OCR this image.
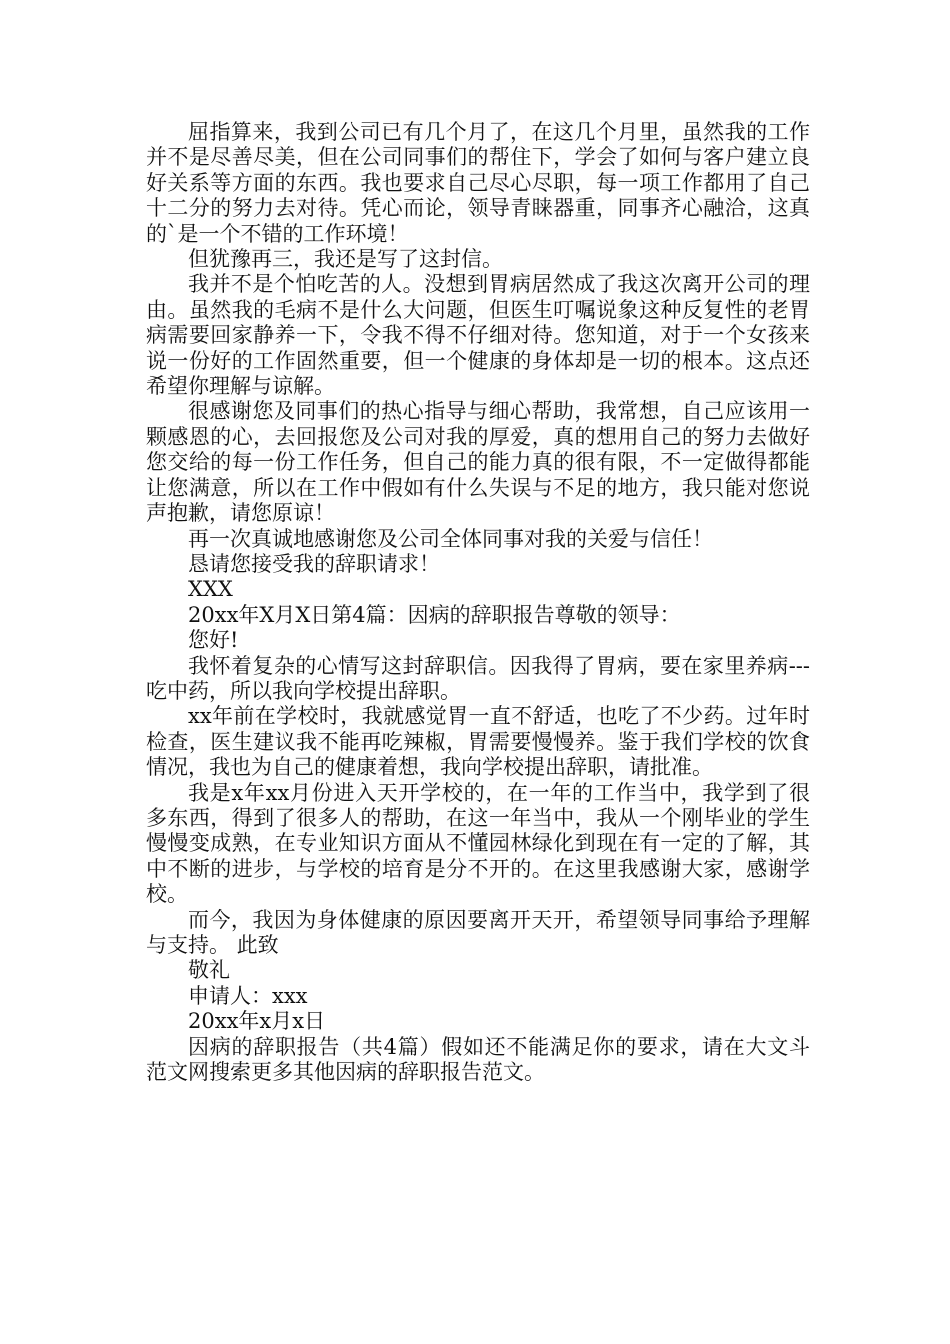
屈指算来，我到公司已有几个月了，在这几个月里，虽然我的工作并不是尽善尽美，但在公司同事们的帮住下，学会了如何与客户建立良好关系等方面的东西。我也要求自己尽心尽职，每一项工作都用了自己十二分的努力去对待。凭心而论，领导青睐器重，同事齐心融洽，这真的`是一个不错的工作环境！

但犹豫再三，我还是写了这封信。

我并不是个怕吃苦的人。没想到胃病居然成了我这次离开公司的理由。虽然我的毛病不是什么大问题，但医生叮嘱说象这种反复性的老胃病需要回家静养一下，令我不得不仔细对待。您知道，对于一个女孩来说一份好的工作固然重要，但一个健康的身体却是一切的根本。这点还希望你理解与谅解。

很感谢您及同事们的热心指导与细心帮助，我常想，自己应该用一颗感恩的心，去回报您及公司对我的厚爱，真的想用自己的努力去做好您交给的每一份工作任务，但自己的能力真的很有限，不一定做得都能让您满意，所以在工作中假如有什么失误与不足的地方，我只能对您说声抱歉，请您原谅！

再一次真诚地感谢您及公司全体同事对我的关爱与信任！

恳请您接受我的辞职请求！

XXX

20xx年X月X日第4篇：因病的辞职报告尊敬的领导：

您好!

我怀着复杂的心情写这封辞职信。因我得了胃病，要在家里养病---吃中药，所以我向学校提出辞职。

xx年前在学校时，我就感觉胃一直不舒适，也吃了不少药。过年时检查，医生建议我不能再吃辣椒，胃需要慢慢养。鉴于我们学校的饮食情况，我也为自己的健康着想，我向学校提出辞职，请批准。

我是x年xx月份进入天开学校的，在一年的工作当中，我学到了很多东西，得到了很多人的帮助，在这一年当中，我从一个刚毕业的学生慢慢变成熟，在专业知识方面从不懂园林绿化到现在有一定的了解，其中不断的进步，与学校的培育是分不开的。在这里我感谢大家，感谢学校。

而今，我因为身体健康的原因要离开天开，希望领导同事给予理解与支持。 此致

敬礼

申请人：xxx

20xx年x月x日

因病的辞职报告（共4篇）假如还不能满足你的要求，请在大文斗范文网搜索更多其他因病的辞职报告范文。
